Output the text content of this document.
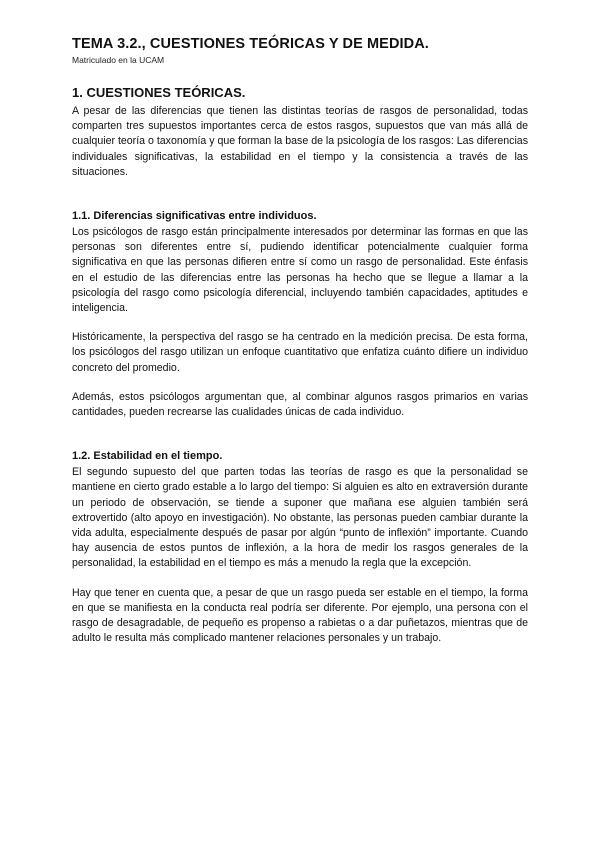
TEMA 3.2., CUESTIONES TEÓRICAS Y DE MEDIDA.
Matriculado en la UCAM
1. CUESTIONES TEÓRICAS.

A pesar de las diferencias que tienen las distintas teorías de rasgos de personalidad, todas comparten tres supuestos importantes cerca de estos rasgos, supuestos que van más allá de cualquier teoría o taxonomía y que forman la base de la psicología de los rasgos: Las diferencias individuales significativas, la estabilidad en el tiempo y la consistencia a través de las situaciones.

1.1. Diferencias significativas entre individuos.

Los psicólogos de rasgo están principalmente interesados por determinar las formas en que las personas son diferentes entre sí, pudiendo identificar potencialmente cualquier forma significativa en que las personas difieren entre sí como un rasgo de personalidad. Este énfasis en el estudio de las diferencias entre las personas ha hecho que se llegue a llamar a la psicología del rasgo como psicología diferencial, incluyendo también capacidades, aptitudes e inteligencia.

Históricamente, la perspectiva del rasgo se ha centrado en la medición precisa. De esta forma, los psicólogos del rasgo utilizan un enfoque cuantitativo que enfatiza cuánto difiere un individuo concreto del promedio.

Además, estos psicólogos argumentan que, al combinar algunos rasgos primarios en varias cantidades, pueden recrearse las cualidades únicas de cada individuo.

1.2. Estabilidad en el tiempo.

El segundo supuesto del que parten todas las teorías de rasgo es que la personalidad se mantiene en cierto grado estable a lo largo del tiempo: Si alguien es alto en extraversión durante un periodo de observación, se tiende a suponer que mañana ese alguien también será extrovertido (alto apoyo en investigación). No obstante, las personas pueden cambiar durante la vida adulta, especialmente después de pasar por algún “punto de inflexión” importante. Cuando hay ausencia de estos puntos de inflexión, a la hora de medir los rasgos generales de la personalidad, la estabilidad en el tiempo es más a menudo la regla que la excepción.

Hay que tener en cuenta que, a pesar de que un rasgo pueda ser estable en el tiempo, la forma en que se manifiesta en la conducta real podría ser diferente. Por ejemplo, una persona con el rasgo de desagradable, de pequeño es propenso a rabietas o a dar puñetazos, mientras que de adulto le resulta más complicado mantener relaciones personales y un trabajo.
